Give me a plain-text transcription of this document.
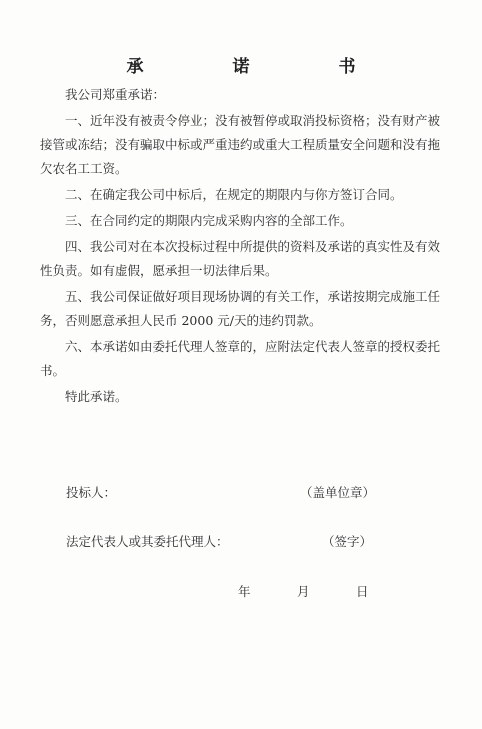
承　诺　书

我公司郑重承诺：

一、近年没有被责令停业；没有被暂停或取消投标资格；没有财产被接管或冻结；没有骗取中标或严重违约或重大工程质量安全问题和没有拖欠农名工工资。

二、在确定我公司中标后，在规定的期限内与你方签订合同。

三、在合同约定的期限内完成采购内容的全部工作。

四、我公司对在本次投标过程中所提供的资料及承诺的真实性及有效性负责。如有虚假，愿承担一切法律后果。

五、我公司保证做好项目现场协调的有关工作，承诺按期完成施工任务，否则愿意承担人民币 2000 元/天的违约罚款。

六、本承诺如由委托代理人签章的，应附法定代表人签章的授权委托书。

特此承诺。

投标人：	（盖单位章）
法定代表人或其委托代理人：	（签字）
年	月	日
